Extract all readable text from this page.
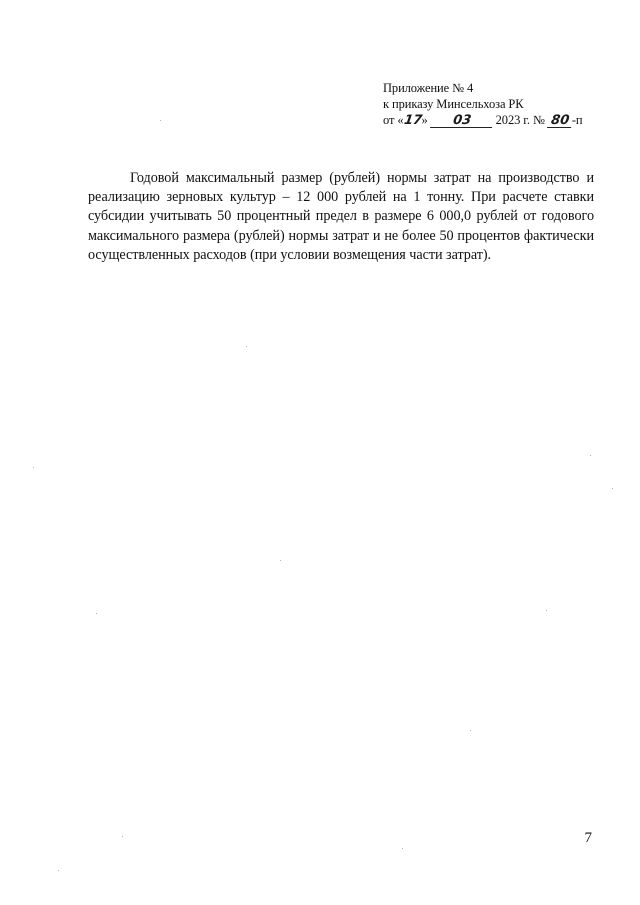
Приложение № 4
к приказу Минсельхоза РК
от «17» 03 2023 г. № 80 -п

Годовой максимальный размер (рублей) нормы затрат на производство и реализацию зерновых культур – 12 000 рублей на 1 тонну. При расчете ставки субсидии учитывать 50 процентный предел в размере 6 000,0 рублей от годового максимального размера (рублей) нормы затрат и не более 50 процентов фактически осуществленных расходов (при условии возмещения части затрат).

7
